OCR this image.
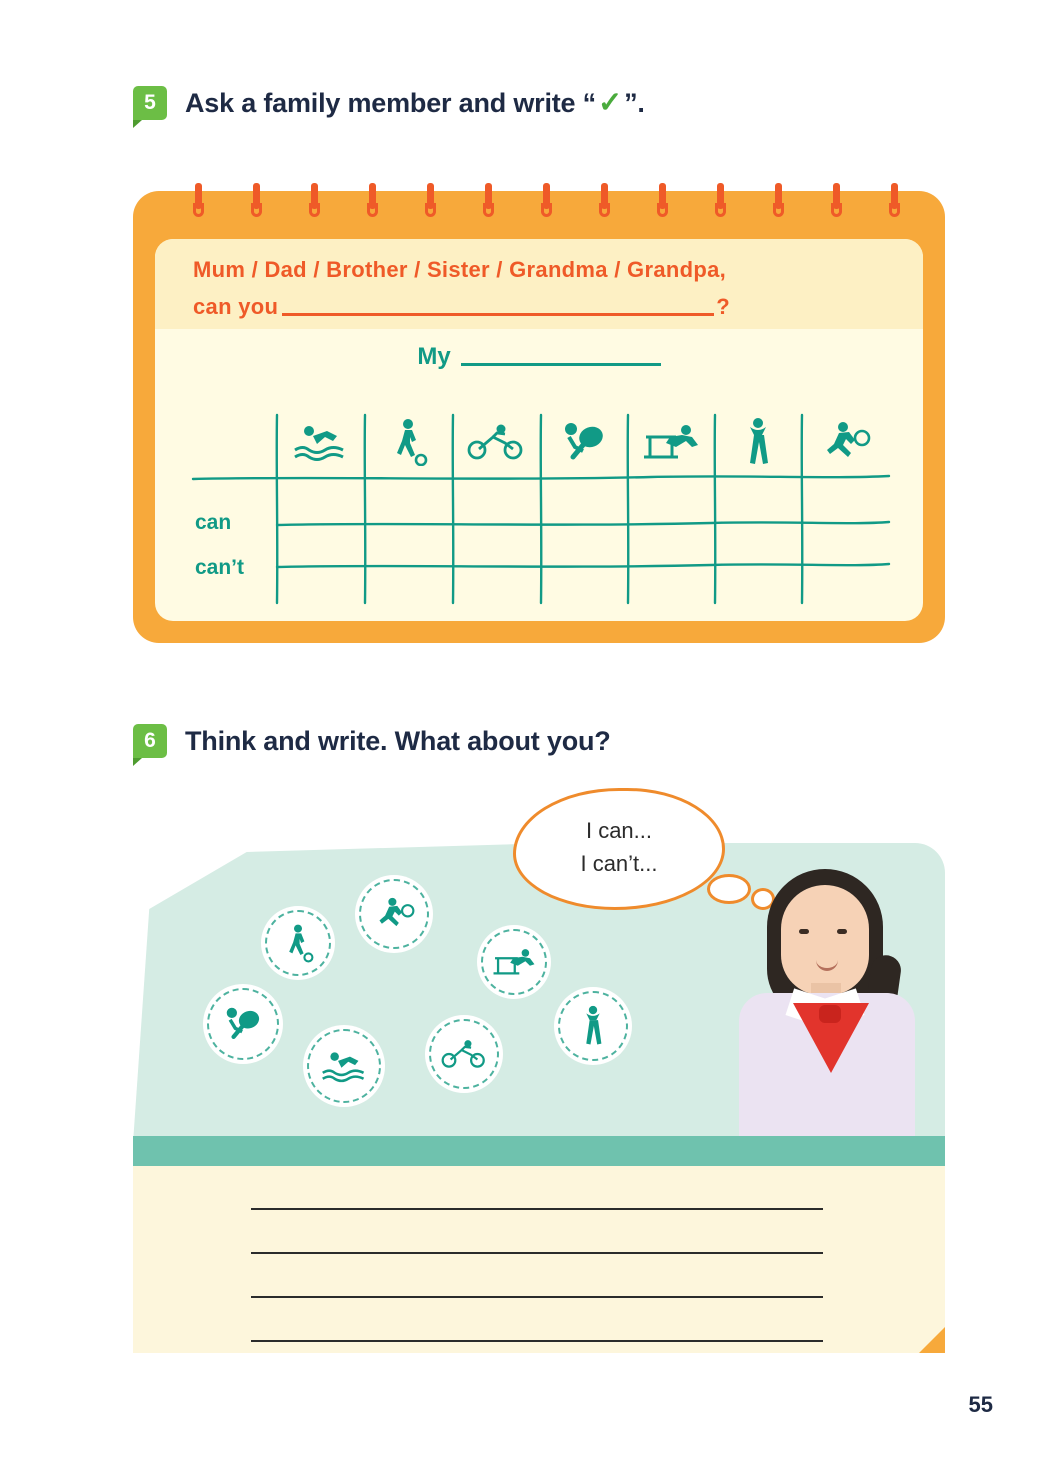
5	Ask a family member and write “✓”.
Mum / Dad / Brother / Sister / Grandma / Grandpa,
can you	?
My
can
can’t
6	Think and write. What about you?
I can...
I can’t...
55
